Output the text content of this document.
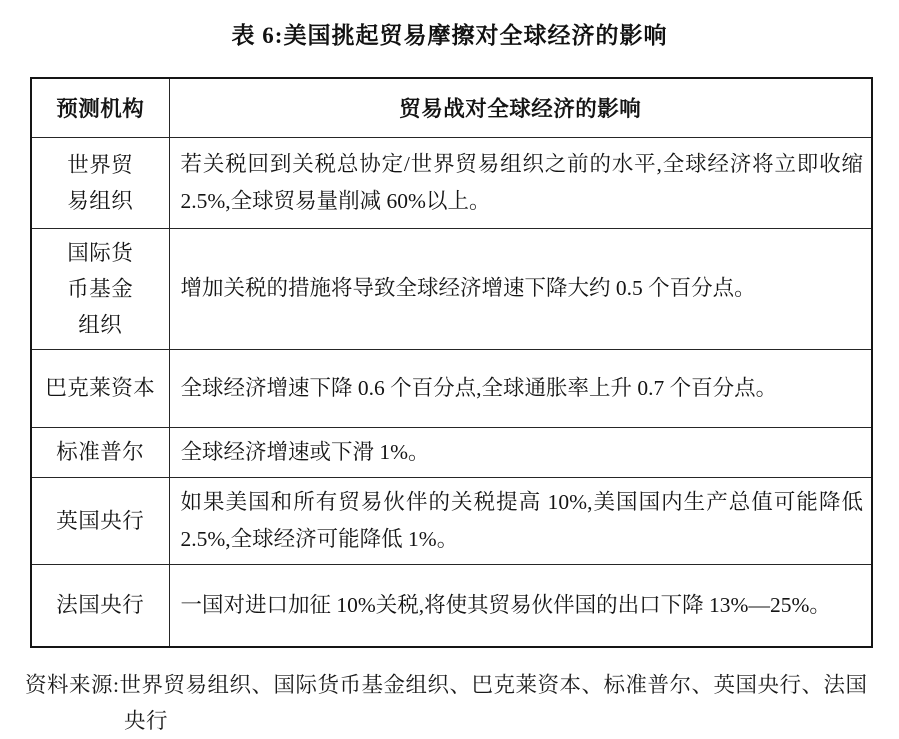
表 6:美国挑起贸易摩擦对全球经济的影响
预测机构	贸易战对全球经济的影响
世界贸易组织	若关税回到关税总协定/世界贸易组织之前的水平,全球经济将立即收缩 2.5%,全球贸易量削减 60%以上。
国际货币基金组织	增加关税的措施将导致全球经济增速下降大约 0.5 个百分点。
巴克莱资本	全球经济增速下降 0.6 个百分点,全球通胀率上升 0.7 个百分点。
标准普尔	全球经济增速或下滑 1%。
英国央行	如果美国和所有贸易伙伴的关税提高 10%,美国国内生产总值可能降低 2.5%,全球经济可能降低 1%。
法国央行	一国对进口加征 10%关税,将使其贸易伙伴国的出口下降 13%—25%。
资料来源:世界贸易组织、国际货币基金组织、巴克莱资本、标准普尔、英国央行、法国央行
